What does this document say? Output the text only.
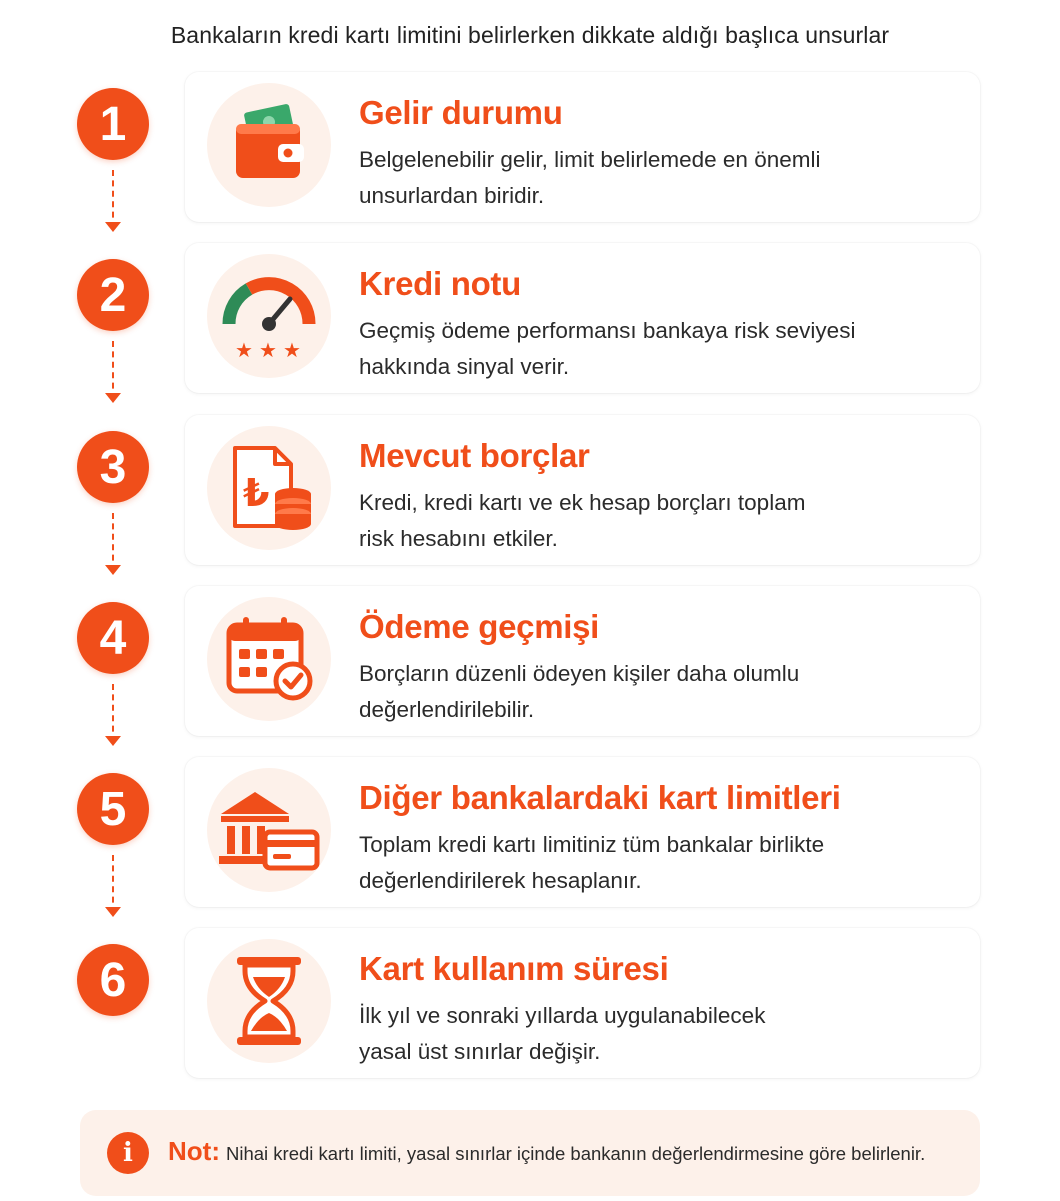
Bankaların kredi kartı limitini belirlerken dikkate aldığı başlıca unsurlar
1	Gelir durumu
Belgelenebilir gelir, limit belirlemede en önemli
unsurlardan biridir.
2
★ ★ ★
Kredi notu
Geçmiş ödeme performansı bankaya risk seviyesi
hakkında sinyal verir.
3	₺
Mevcut borçlar
Kredi, kredi kartı ve ek hesap borçları toplam
risk hesabını etkiler.
4	Ödeme geçmişi
Borçların düzenli ödeyen kişiler daha olumlu
değerlendirilebilir.
5	Diğer bankalardaki kart limitleri
Toplam kredi kartı limitiniz tüm bankalar birlikte
değerlendirilerek hesaplanır.
6	Kart kullanım süresi
İlk yıl ve sonraki yıllarda uygulanabilecek
yasal üst sınırlar değişir.
i	Not: Nihai kredi kartı limiti, yasal sınırlar içinde bankanın değerlendirmesine göre belirlenir.
